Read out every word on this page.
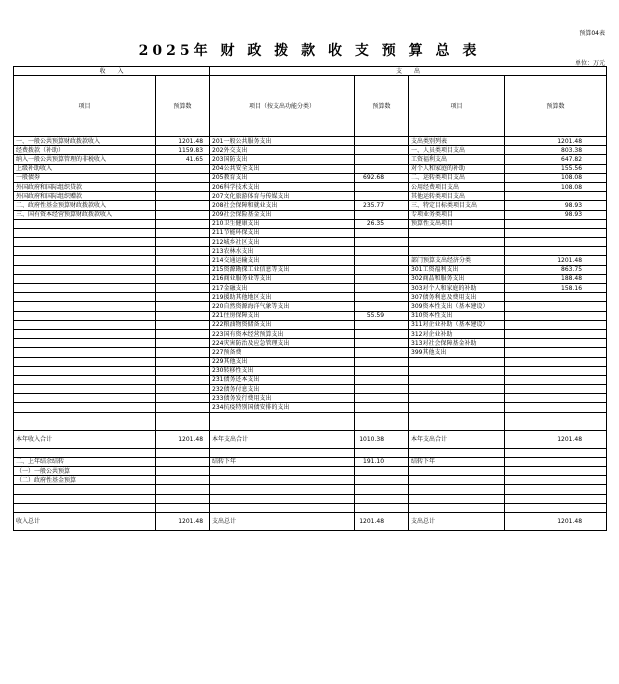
预算04表
2025年 财 政 拨 款 收 支 预 算 总 表
单位：万元
收　　入		支　　出			
项目	预算数	项目（按支出功能分类）	预算数	项目	预算数
一、一般公共预算财政拨款收入	1201.48	201一般公共服务支出		支出类别列表	1201.48
经费拨款（补助）	1159.83	202外交支出		一、人员类项目支出	803.38
纳入一般公共预算管理的非税收入	41.65	203国防支出		工资福利支出	647.82
上级补助收入		204公共安全支出		对个人和家庭的补助	155.56
一般债券		205教育支出	692.68	二、运转类项目支出	108.08
外国政府和国际组织贷款		206科学技术支出		公用经费项目支出	108.08
外国政府和国际组织赠款		207文化旅游体育与传媒支出		其他运转类项目支出	
二、政府性基金预算财政拨款收入		208社会保障和就业支出	235.77	三、特定目标类项目支出	98.93
三、国有资本经营预算财政拨款收入		209社会保险基金支出		专项业务类项目	98.93
		210卫生健康支出	26.35	预算性支出项目	
		211节能环保支出			
		212城乡社区支出			
		213农林水支出			
		214交通运输支出		部门预算支出经济分类	1201.48
		215资源勘探工业信息等支出		301工资福利支出	863.75
		216商业服务业等支出		302商品和服务支出	188.48
		217金融支出		303对个人和家庭的补助	158.16
		219援助其他地区支出		307债务利息及费用支出	
		220自然资源海洋气象等支出		309资本性支出（基本建设）	
		221住房保障支出	55.59	310资本性支出	
		222粮油物资储备支出		311对企业补助（基本建设）	
		223国有资本经营预算支出		312对企业补助	
		224灾害防治及应急管理支出		313对社会保障基金补助	
		227预备费		399其他支出	
		229其他支出			
		230转移性支出			
		231债务还本支出			
		232债务付息支出			
		233债务发行费用支出			
		234抗疫特别国债安排的支出			

本年收入合计	1201.48	本年支出合计	1010.38	本年支出合计	1201.48

二、上年结余结转		结转下年	191.10	结转下年	
（一）一般公共预算					
（二）政府性基金预算					

收入总计	1201.48	支出总计	1201.48	支出总计	1201.48
